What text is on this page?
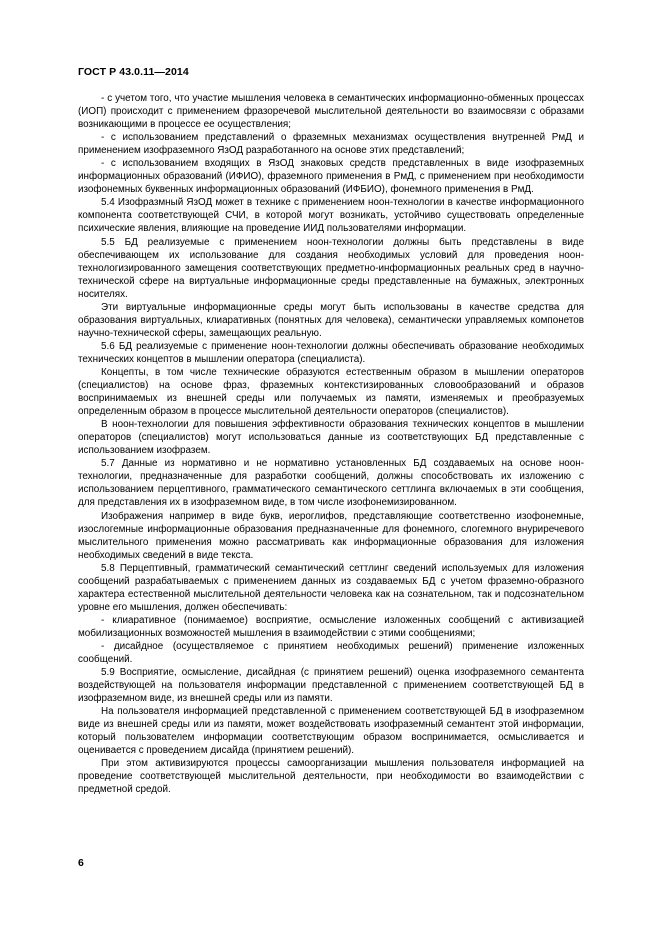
ГОСТ Р 43.0.11—2014

- с учетом того, что участие мышления человека в семантических информационно-обменных процессах (ИОП) происходит с применением фразоречевой мыслительной деятельности во взаимосвязи с образами возникающими в процессе ее осуществления;

- с использованием представлений о фраземных механизмах осуществления внутренней РмД и применением изофраземного ЯзОД разработанного на основе этих представлений;

- с использованием входящих в ЯзОД знаковых средств представленных в виде изофраземных информационных образований (ИФИО), фраземного применения в РмД, с применением при необходимости изофонемных буквенных информационных образований (ИФБИО), фонемного применения в РмД.

5.4 Изофразмный ЯзОД может в технике с применением ноон-технологии в качестве информационного компонента соответствующей СЧИ, в которой могут возникать, устойчиво существовать определенные психические явления, влияющие на проведение ИИД пользователями информации.

5.5 БД реализуемые с применением ноон-технологии должны быть представлены в виде обеспечивающем их использование для создания необходимых условий для проведения ноон-технологизированного замещения соответствующих предметно-информационных реальных сред в научно-технической сфере на виртуальные информационные среды представленные на бумажных, электронных носителях.

Эти виртуальные информационные среды могут быть использованы в качестве средства для образования виртуальных, клиаративных (понятных для человека), семантически управляемых компонетов научно-технической сферы, замещающих реальную.

5.6 БД реализуемые с применение ноон-технологии должны обеспечивать образование необходимых технических концептов в мышлении оператора (специалиста).

Концепты, в том числе технические образуются естественным образом в мышлении операторов (специалистов) на основе фраз, фраземных контекстизированных словообразований и образов воспринимаемых из внешней среды или получаемых из памяти, изменяемых и преобразуемых определенным образом в процессе мыслительной деятельности операторов (специалистов).

В ноон-технологии для повышения эффективности образования технических концептов в мышлении операторов (специалистов) могут использоваться данные из соответствующих БД представленные с использованием изофразем.

5.7 Данные из нормативно и не нормативно установленных БД создаваемых на основе ноон-технологии, предназначенные для разработки сообщений, должны способствовать их изложению с использованием перцептивного, грамматического семантического сеттлинга включаемых в эти сообщения, для представления их в изофраземном виде, в том числе изофонемизированном.

Изображения например в виде букв, иероглифов, представляющие соответственно изофонемные, изослогемные информационные образования предназначенные для фонемного, слогемного внуриречевого мыслительного применения можно рассматривать как информационные образования для изложения необходимых сведений в виде текста.

5.8 Перцептивный, грамматический семантический сеттлинг сведений используемых для изложения сообщений разрабатываемых с применением данных из создаваемых БД с учетом фраземно-образного характера естественной мыслительной деятельности человека как на сознательном, так и подсознательном уровне его мышления, должен обеспечивать:

- клиаративное (понимаемое) восприятие, осмысление изложенных сообщений с активизацией мобилизационных возможностей мышления в взаимодействии с этими сообщениями;

- дисайдное (осуществляемое с принятием необходимых решений) применение изложенных сообщений.

5.9 Восприятие, осмысление, дисайдная (с принятием решений) оценка изофраземного семантента воздействующей на пользователя информации представленной с применением соответствующей БД в изофраземном виде, из внешней среды или из памяти.

На пользователя информацией представленной с применением соответствующей БД в изофраземном виде из внешней среды или из памяти, может воздействовать изофраземный семантент этой информации, который пользователем информации соответствующим образом воспринимается, осмысливается и оценивается с проведением дисайда (принятием решений).

При этом активизируются процессы самоорганизации мышления пользователя информацией на проведение соответствующей мыслительной деятельности, при необходимости во взаимодействии с предметной средой.

6
